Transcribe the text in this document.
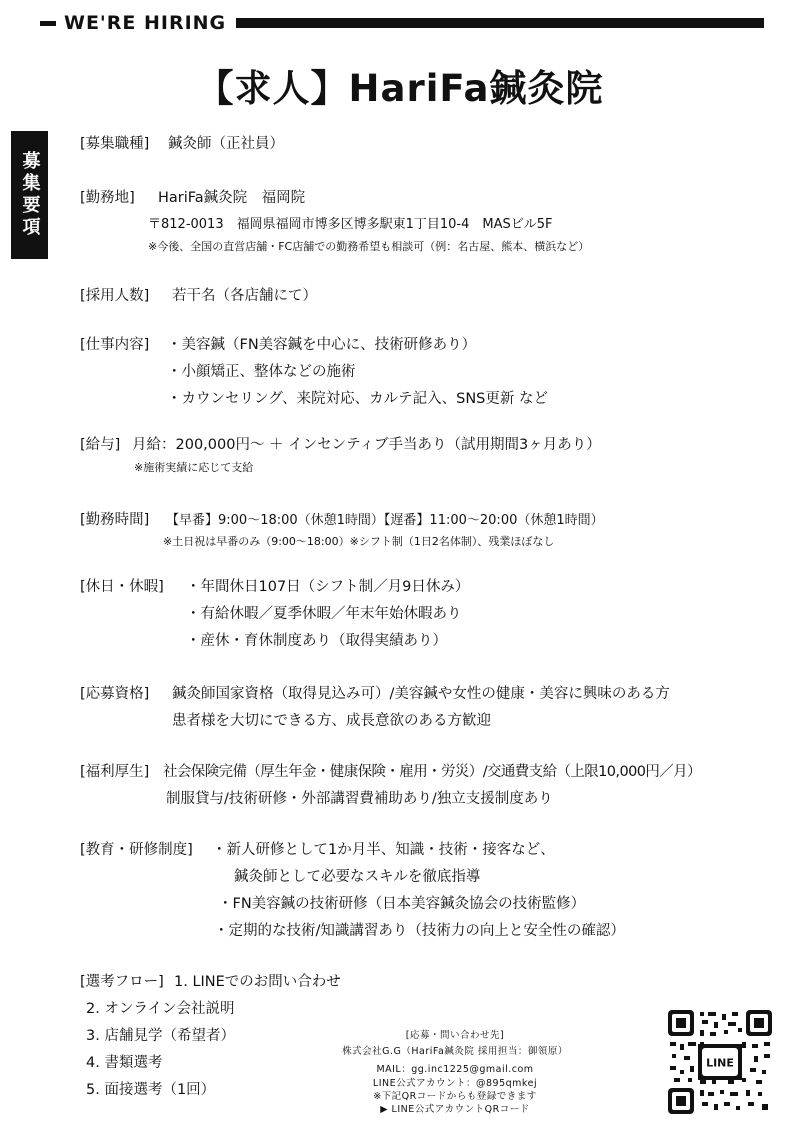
WE'RE HIRING
【求人】HariFa鍼灸院
募集要項
[募集職種] 鍼灸師（正社員）
[勤務地] HariFa鍼灸院　福岡院
〒812-0013　福岡県福岡市博多区博多駅東1丁目10-4　MASビル5F
※今後、全国の直営店舗・FC店舗での勤務希望も相談可（例：名古屋、熊本、横浜など）
[採用人数] 若干名（各店舗にて）
[仕事内容] ・美容鍼（FN美容鍼を中心に、技術研修あり）
・小顔矯正、整体などの施術
・カウンセリング、来院対応、カルテ記入、SNS更新 など
[給与] 月給：200,000円～ ＋ インセンティブ手当あり（試用期間3ヶ月あり）
※施術実績に応じて支給
[勤務時間] 【早番】9:00～18:00（休憩1時間）【遅番】11:00～20:00（休憩1時間）
※土日祝は早番のみ（9:00～18:00）※シフト制（1日2名体制）、残業ほぼなし
[休日・休暇] ・年間休日107日（シフト制／月9日休み）
・有給休暇／夏季休暇／年末年始休暇あり
・産休・育休制度あり（取得実績あり）
[応募資格] 鍼灸師国家資格（取得見込み可）/美容鍼や女性の健康・美容に興味のある方
患者様を大切にできる方、成長意欲のある方歓迎
[福利厚生] 社会保険完備（厚生年金・健康保険・雇用・労災）/交通費支給（上限10,000円／月）
制服貸与/技術研修・外部講習費補助あり/独立支援制度あり
[教育・研修制度] ・新人研修として1か月半、知識・技術・接客など、
鍼灸師として必要なスキルを徹底指導
・FN美容鍼の技術研修（日本美容鍼灸協会の技術監修）
・定期的な技術/知識講習あり（技術力の向上と安全性の確認）
[選考フロー] 1. LINEでのお問い合わせ
2. オンライン会社説明
3. 店舗見学（希望者）
4. 書類選考
5. 面接選考（1回）
[応募・問い合わせ先]
株式会社G.G（HariFa鍼灸院 採用担当：御領原）
MAIL：gg.inc1225@gmail.com
LINE公式アカウント：@895qmkej
※下記QRコードからも登録できます
▶ LINE公式アカウントQRコード
LINE
